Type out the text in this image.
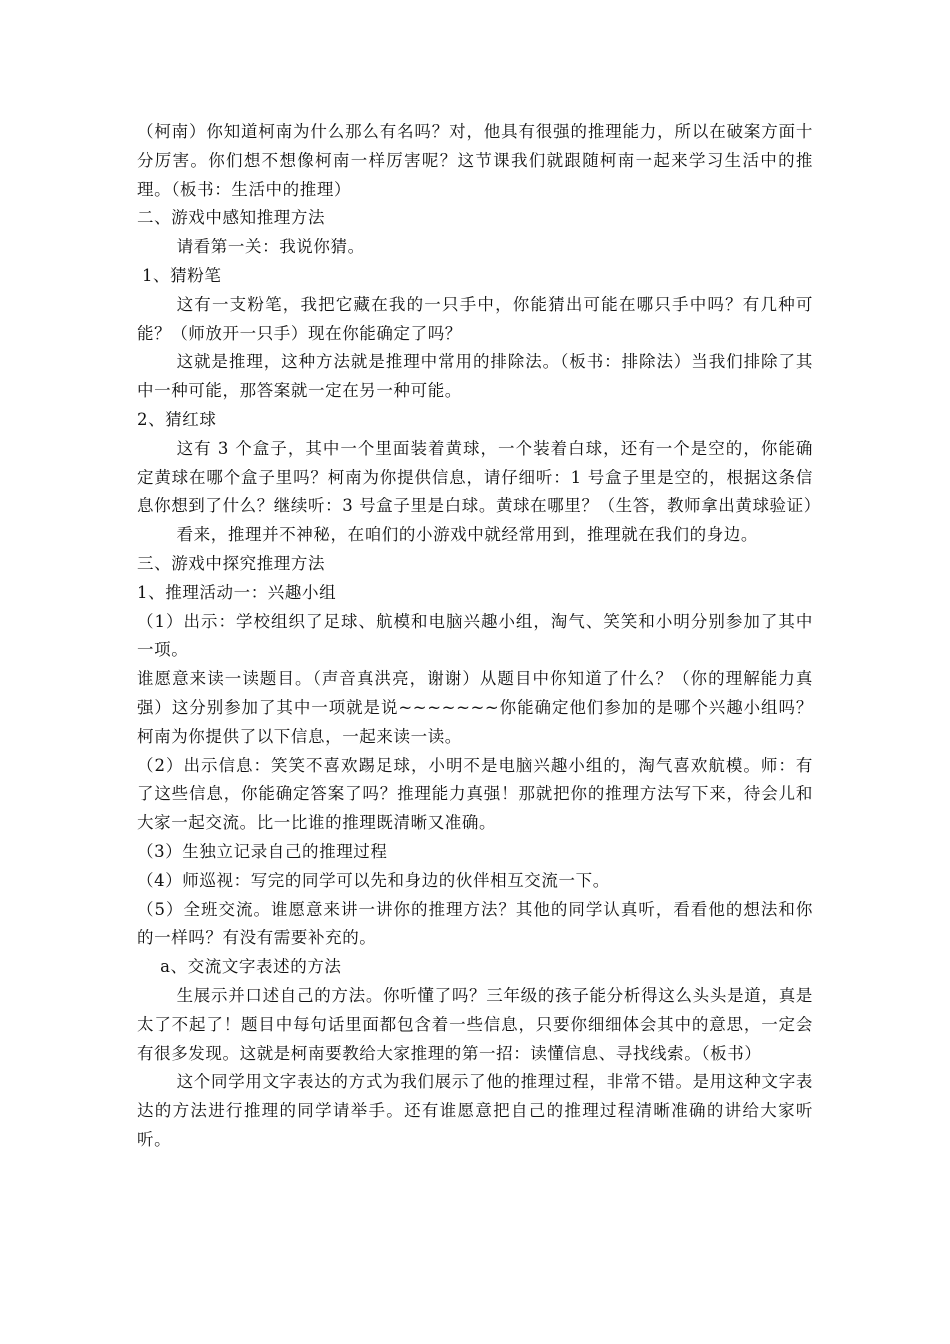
（柯南）你知道柯南为什么那么有名吗？对，他具有很强的推理能力，所以在破案方面十分厉害。你们想不想像柯南一样厉害呢？这节课我们就跟随柯南一起来学习生活中的推理。（板书：生活中的推理）

二、游戏中感知推理方法

请看第一关：我说你猜。

1、猜粉笔

这有一支粉笔，我把它藏在我的一只手中，你能猜出可能在哪只手中吗？有几种可能？（师放开一只手）现在你能确定了吗？

这就是推理，这种方法就是推理中常用的排除法。（板书：排除法）当我们排除了其中一种可能，那答案就一定在另一种可能。

2、猜红球

这有 3 个盒子，其中一个里面装着黄球，一个装着白球，还有一个是空的，你能确定黄球在哪个盒子里吗？柯南为你提供信息，请仔细听：1 号盒子里是空的，根据这条信息你想到了什么？继续听：3 号盒子里是白球。黄球在哪里？（生答，教师拿出黄球验证）

看来，推理并不神秘，在咱们的小游戏中就经常用到，推理就在我们的身边。

三、游戏中探究推理方法

1、推理活动一：兴趣小组

（1）出示：学校组织了足球、航模和电脑兴趣小组，淘气、笑笑和小明分别参加了其中一项。

谁愿意来读一读题目。（声音真洪亮，谢谢）从题目中你知道了什么？（你的理解能力真强）这分别参加了其中一项就是说~~~~~~~你能确定他们参加的是哪个兴趣小组吗？柯南为你提供了以下信息，一起来读一读。

（2）出示信息：笑笑不喜欢踢足球，小明不是电脑兴趣小组的，淘气喜欢航模。师：有了这些信息，你能确定答案了吗？推理能力真强！那就把你的推理方法写下来，待会儿和大家一起交流。比一比谁的推理既清晰又准确。

（3）生独立记录自己的推理过程

（4）师巡视：写完的同学可以先和身边的伙伴相互交流一下。

（5）全班交流。谁愿意来讲一讲你的推理方法？其他的同学认真听，看看他的想法和你的一样吗？有没有需要补充的。

a、交流文字表述的方法

生展示并口述自己的方法。你听懂了吗？三年级的孩子能分析得这么头头是道，真是太了不起了！题目中每句话里面都包含着一些信息，只要你细细体会其中的意思，一定会有很多发现。这就是柯南要教给大家推理的第一招：读懂信息、寻找线索。（板书）

这个同学用文字表达的方式为我们展示了他的推理过程，非常不错。是用这种文字表达的方法进行推理的同学请举手。还有谁愿意把自己的推理过程清晰准确的讲给大家听听。
